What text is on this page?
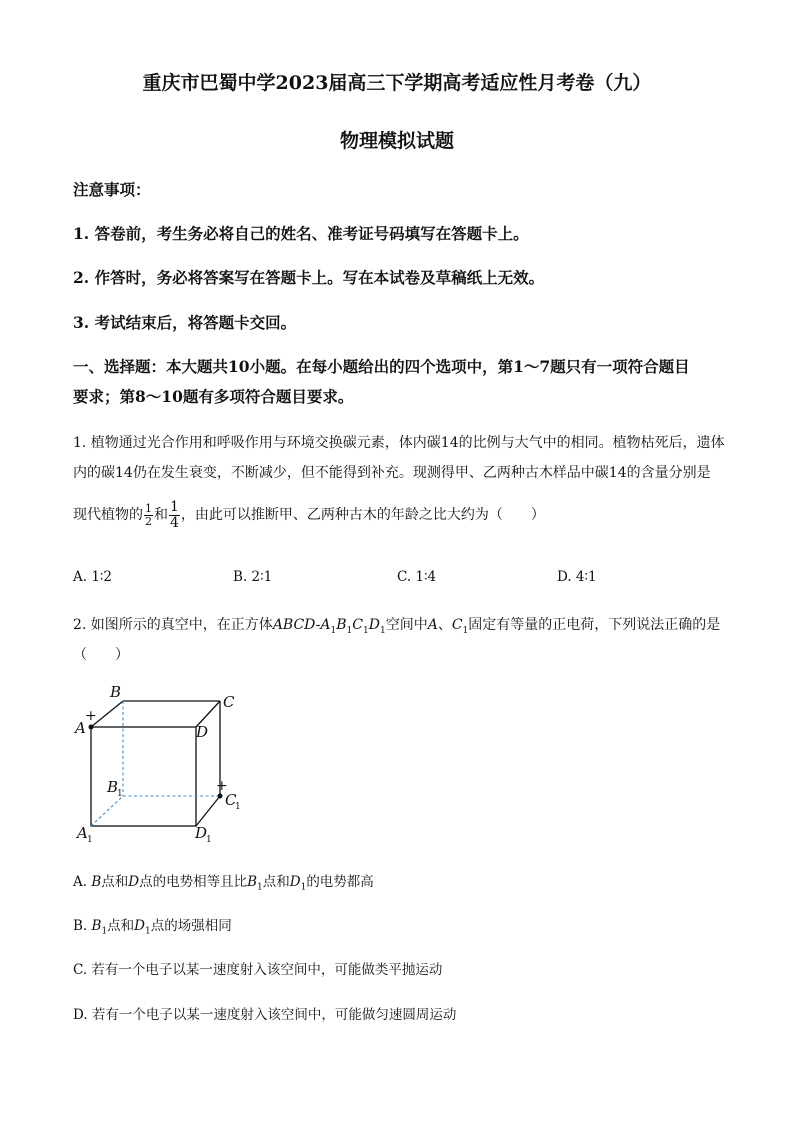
重庆市巴蜀中学2023届高三下学期高考适应性月考卷（九）
物理模拟试题
注意事项：
1. 答卷前，考生务必将自己的姓名、准考证号码填写在答题卡上。
2. 作答时，务必将答案写在答题卡上。写在本试卷及草稿纸上无效。
3. 考试结束后，将答题卡交回。
一、选择题：本大题共10小题。在每小题给出的四个选项中，第1～7题只有一项符合题目
要求；第8～10题有多项符合题目要求。
1. 植物通过光合作用和呼吸作用与环境交换碳元素，体内碳14的比例与大气中的相同。植物枯死后，遗体
内的碳14仍在发生衰变，不断减少，但不能得到补充。现测得甲、乙两种古木样品中碳14的含量分别是
现代植物的 $\frac{1}{2}$ 和 $\frac{1}{4}$ ，由此可以推断甲、乙两种古木的年龄之比大约为（　　）
A. 1∶2	B. 2∶1	C. 1∶4	D. 4∶1
2. 如图所示的真空中，在正方体ABCD-$A_1B_1C_1D_1$空间中A、$C_1$固定有等量的正电荷，下列说法正确的是
（　　）
+
+
A
B
C
D
B
1	C
1
A 1	D
1
A. B点和D点的电势相等且比$B_1$点和$D_1$的电势都高
B. $B_1$点和$D_1$点的场强相同
C. 若有一个电子以某一速度射入该空间中，可能做类平抛运动
D. 若有一个电子以某一速度射入该空间中，可能做匀速圆周运动
